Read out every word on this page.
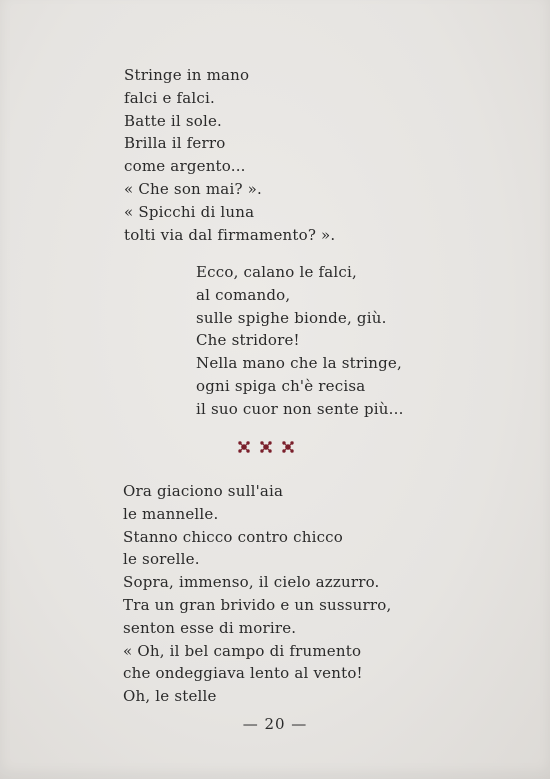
Stringe in mano
falci e falci.
Batte il sole.
Brilla il ferro
come argento...
« Che son mai? ».
« Spicchi di luna
tolti via dal firmamento? ».
Ecco, calano le falci,
al comando,
sulle spighe bionde, giù.
Che stridore!
Nella mano che la stringe,
ogni spiga ch'è recisa
il suo cuor non sente più...
Ora giaciono sull'aia
le mannelle.
Stanno chicco contro chicco
le sorelle.
Sopra, immenso, il cielo azzurro.
Tra un gran brivido e un sussurro,
senton esse di morire.
« Oh, il bel campo di frumento
che ondeggiava lento al vento!
Oh, le stelle
— 20 —
